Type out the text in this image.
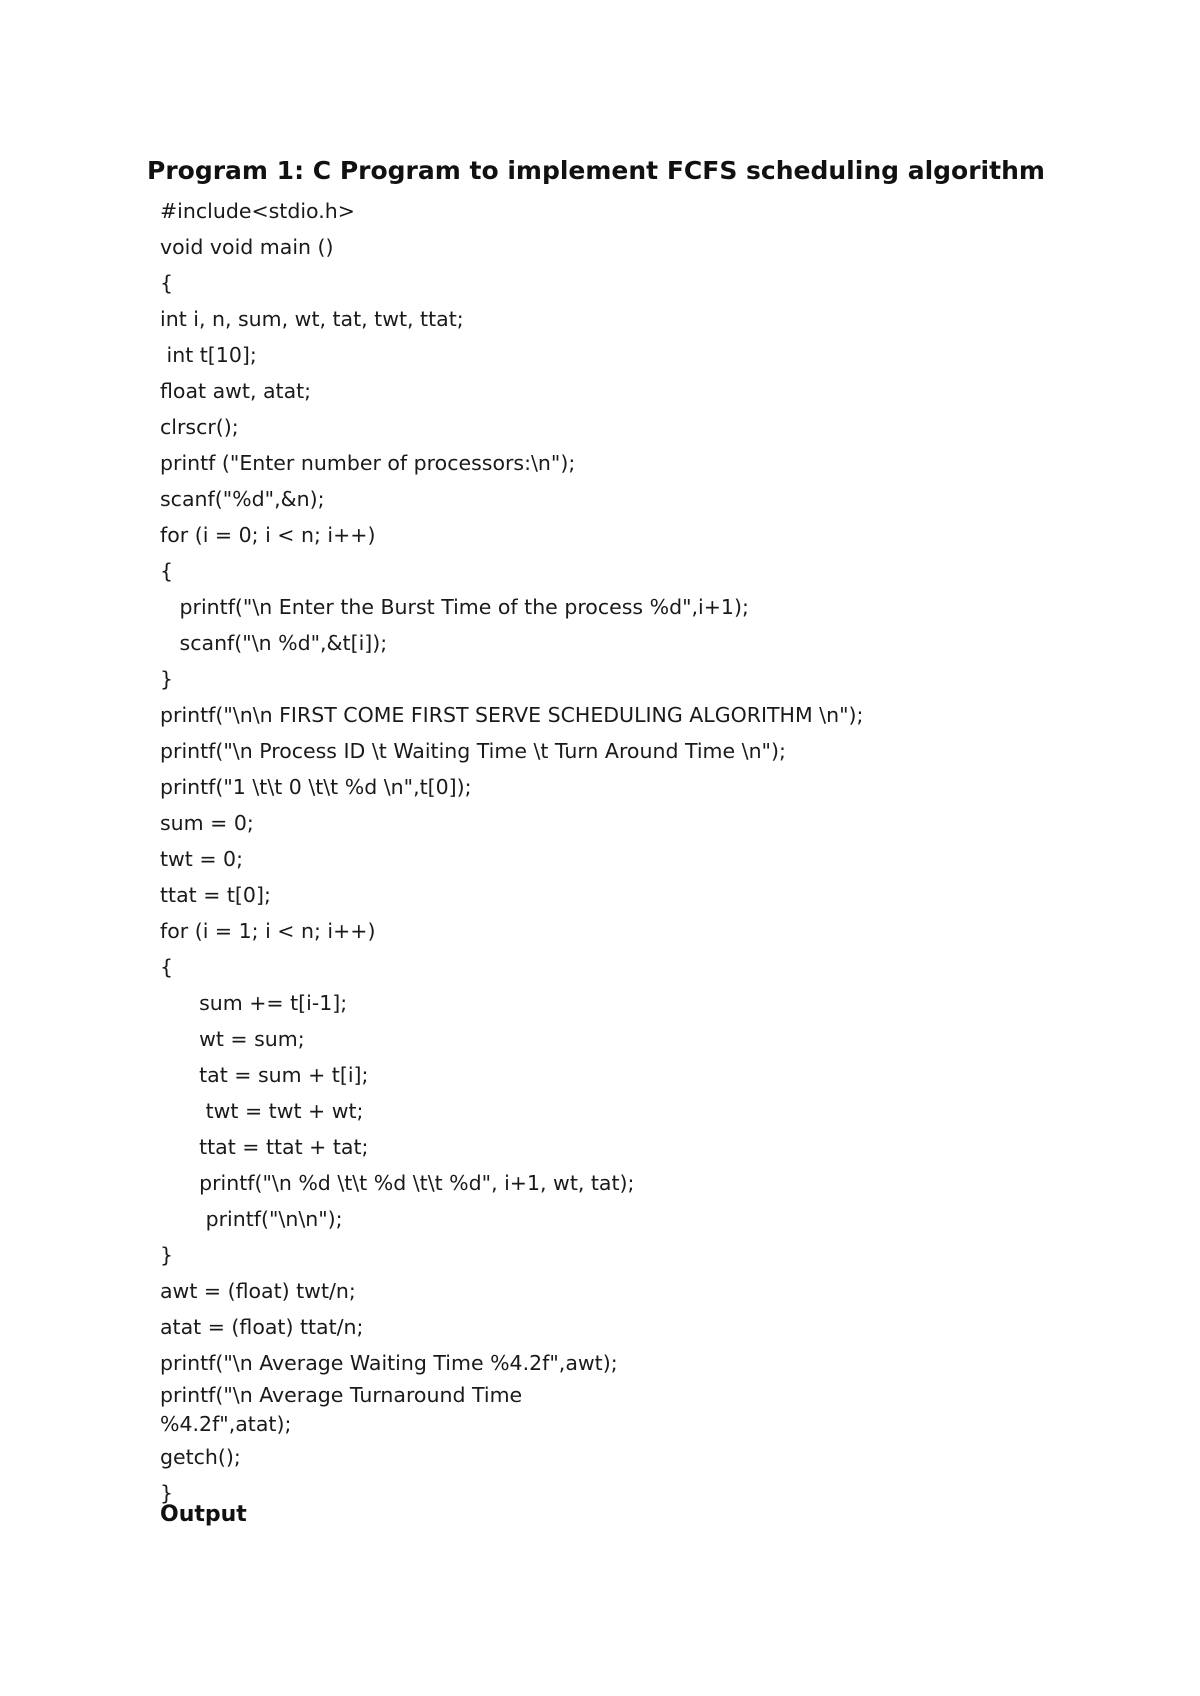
Program 1: C Program to implement FCFS scheduling algorithm
#include<stdio.h>
void void main ()
{
int i, n, sum, wt, tat, twt, ttat;
int t[10];
float awt, atat;
clrscr();
printf ("Enter number of processors:\n");
scanf("%d",&n);
for (i = 0; i < n; i++)
{
printf("\n Enter the Burst Time of the process %d",i+1);
scanf("\n %d",&t[i]);
}
printf("\n\n FIRST COME FIRST SERVE SCHEDULING ALGORITHM \n");
printf("\n Process ID \t Waiting Time \t Turn Around Time \n");
printf("1 \t\t 0 \t\t %d \n",t[0]);
sum = 0;
twt = 0;
ttat = t[0];
for (i = 1; i < n; i++)
{
sum += t[i-1];
wt = sum;
tat = sum + t[i];
twt = twt + wt;
ttat = ttat + tat;
printf("\n %d \t\t %d \t\t %d", i+1, wt, tat);
printf("\n\n");
}
awt = (float) twt/n;
atat = (float) ttat/n;
printf("\n Average Waiting Time %4.2f",awt);
printf("\n Average Turnaround Time %4.2f",atat);
getch();
}
Output
